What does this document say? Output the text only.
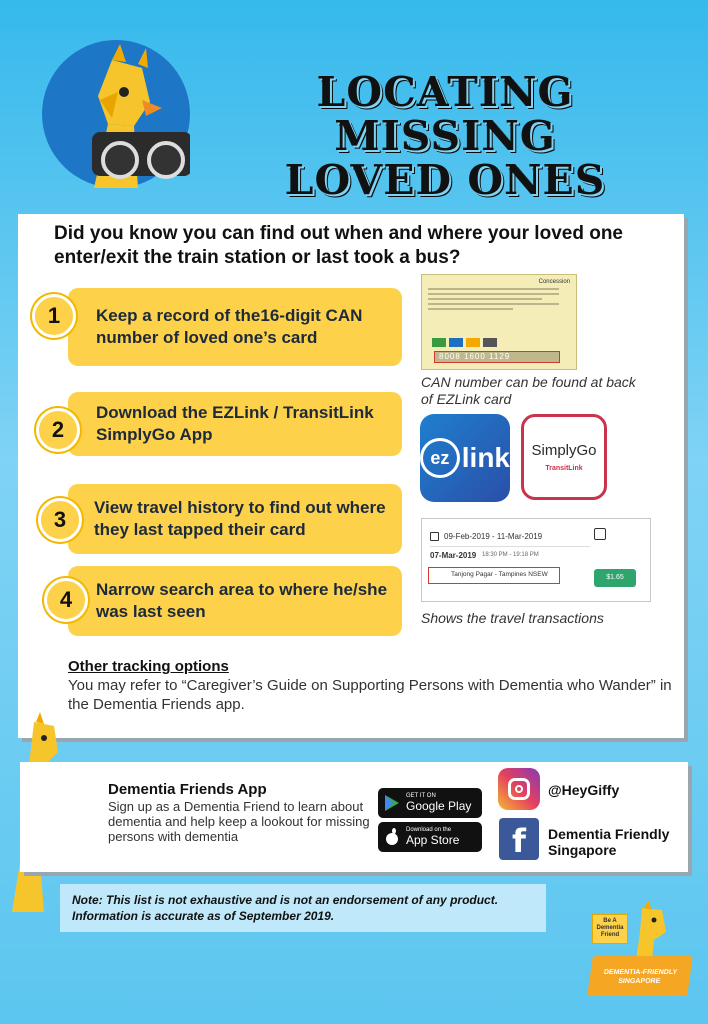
LOCATING MISSING
LOVED ONES
Did you know you can find out when and where your loved one enter/exit the train station or last took a bus?
Keep a record of the16-digit CAN number of loved one’s card
1
Download the EZLink / TransitLink SimplyGo App
2
View travel history to find out where they last tapped their card
3
Narrow search area to where he/she was last seen
4
Concession
8008 1600 1129
CAN number can be found at back of EZLink card
ez link SimplyGo
TransitLink
09-Feb-2019 - 11-Mar-2019
07-Mar-2019 18:30 PM - 19:18 PM
Tanjong Pagar - Tampines NSEW	$1.65
Shows the travel transactions
Other tracking options
You may refer to “Caregiver’s Guide on Supporting Persons with Dementia who Wander” in the Dementia Friends app.
Dementia Friends App
Sign up as a Dementia Friend to learn about dementia and help keep a lookout for missing persons with dementia
GET IT ON
Google Play
Download on the
App Store
@HeyGiffy
f	Dementia Friendly
Singapore
Note: This list is not exhaustive and is not an endorsement of any product. Information is accurate as of September 2019.	Be A Dementia Friend
DEMENTIA-FRIENDLY SINGAPORE
